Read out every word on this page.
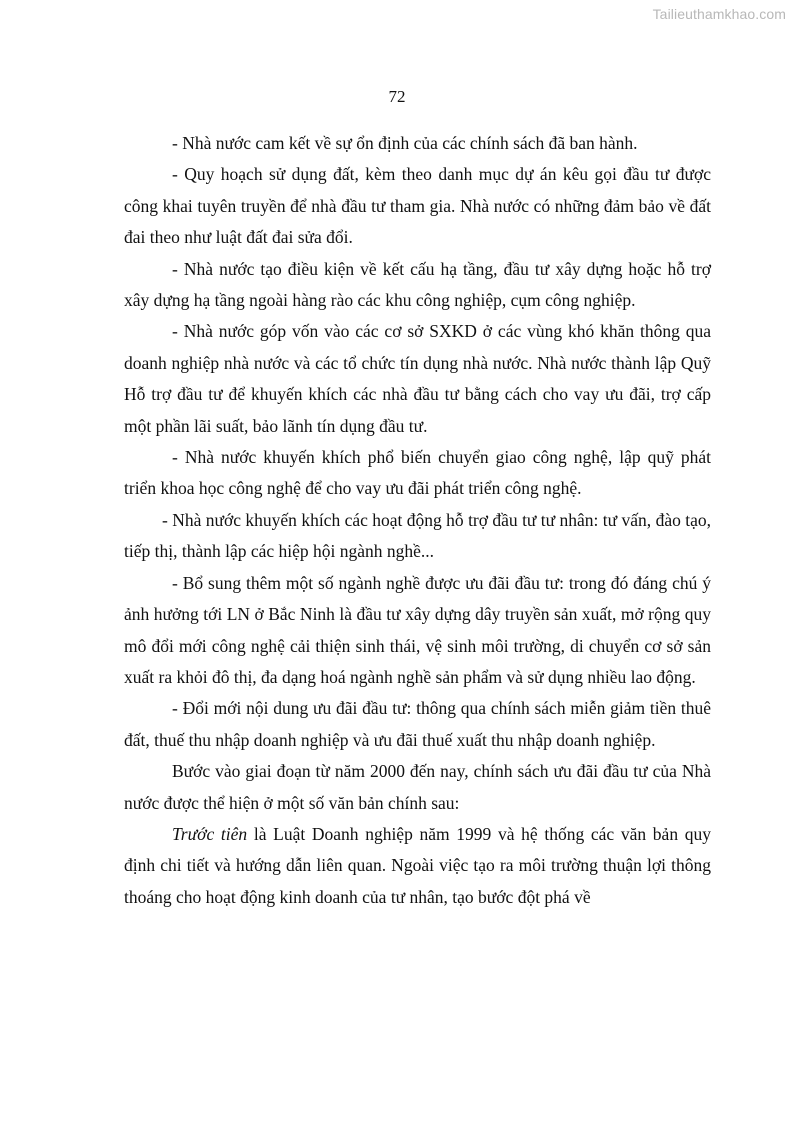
Tailieuthamkhao.com
72

- Nhà nước cam kết về sự ổn định của các chính sách đã ban hành.

- Quy hoạch sử dụng đất, kèm theo danh mục dự án kêu gọi đầu tư được công khai tuyên truyền để nhà đầu tư tham gia. Nhà nước có những đảm bảo về đất đai theo như luật đất đai sửa đổi.

- Nhà nước tạo điều kiện về kết cấu hạ tầng, đầu tư xây dựng hoặc hỗ trợ xây dựng hạ tầng ngoài hàng rào các khu công nghiệp, cụm công nghiệp.

- Nhà nước góp vốn vào các cơ sở SXKD ở các vùng khó khăn thông qua doanh nghiệp nhà nước và các tổ chức tín dụng nhà nước. Nhà nước thành lập Quỹ Hỗ trợ đầu tư để khuyến khích các nhà đầu tư bằng cách cho vay ưu đãi, trợ cấp một phần lãi suất, bảo lãnh tín dụng đầu tư.

- Nhà nước khuyến khích phổ biến chuyển giao công nghệ, lập quỹ phát triển khoa học công nghệ để cho vay ưu đãi phát triển công nghệ.

- Nhà nước khuyến khích các hoạt động hỗ trợ đầu tư tư nhân: tư vấn, đào tạo, tiếp thị, thành lập các hiệp hội ngành nghề...

- Bổ sung thêm một số ngành nghề được ưu đãi đầu tư: trong đó đáng chú ý ảnh hưởng tới LN ở Bắc Ninh là đầu tư xây dựng dây truyền sản xuất, mở rộng quy mô đổi mới công nghệ cải thiện sinh thái, vệ sinh môi trường, di chuyển cơ sở sản xuất ra khỏi đô thị, đa dạng hoá ngành nghề sản phẩm và sử dụng nhiều lao động.

- Đổi mới nội dung ưu đãi đầu tư: thông qua chính sách miễn giảm tiền thuê đất, thuế thu nhập doanh nghiệp và ưu đãi thuế xuất thu nhập doanh nghiệp.

Bước vào giai đoạn từ năm 2000 đến nay, chính sách ưu đãi đầu tư của Nhà nước được thể hiện ở một số văn bản chính sau:

Trước tiên là Luật Doanh nghiệp năm 1999 và hệ thống các văn bản quy định chi tiết và hướng dẫn liên quan. Ngoài việc tạo ra môi trường thuận lợi thông thoáng cho hoạt động kinh doanh của tư nhân, tạo bước đột phá về
